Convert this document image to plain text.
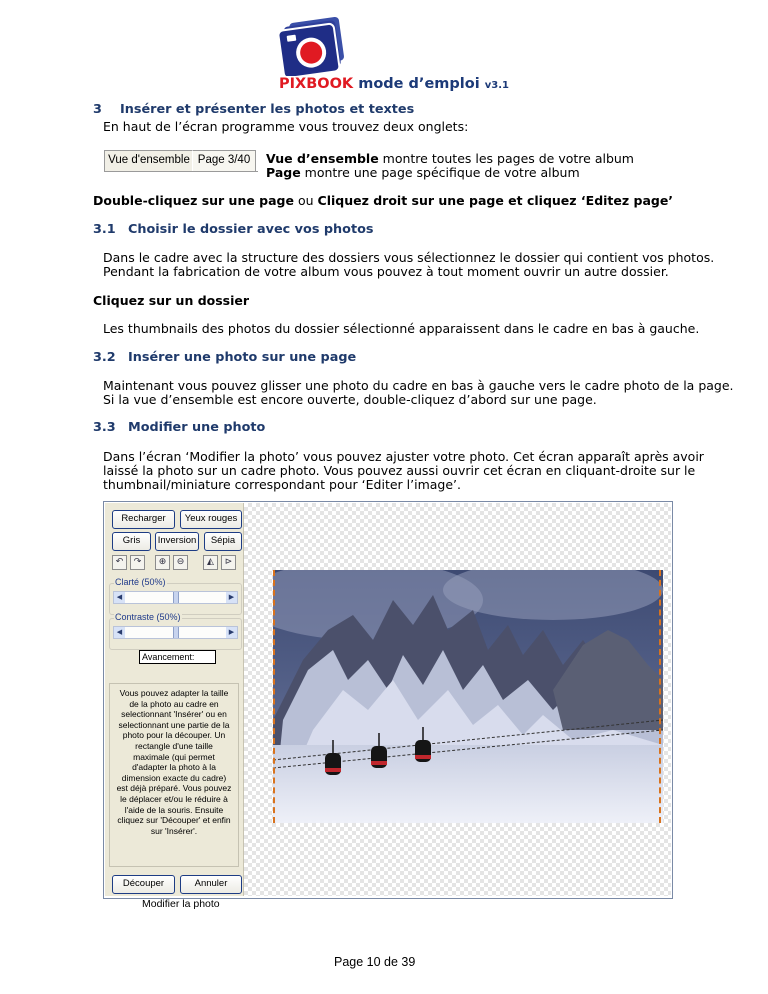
PIXBOOK mode d’emploi v3.1
3 Insérer et présenter les photos et textes
En haut de l’écran programme vous trouvez deux onglets:
Vue d'ensemble Page 3/40	Vue d’ensemble montre toutes les pages de votre album
Page montre une page spécifique de votre album
Double-cliquez sur une page ou Cliquez droit sur une page et cliquez ‘Editez page’
3.1 Choisir le dossier avec vos photos
Dans le cadre avec la structure des dossiers vous sélectionnez le dossier qui contient vos photos.
Pendant la fabrication de votre album vous pouvez à tout moment ouvrir un autre dossier.
Cliquez sur un dossier
Les thumbnails des photos du dossier sélectionné apparaissent dans le cadre en bas à gauche.
3.2 Insérer une photo sur une page
Maintenant vous pouvez glisser une photo du cadre en bas à gauche vers le cadre photo de la page.
Si la vue d’ensemble est encore ouverte, double-cliquez d’abord sur une page.
3.3 Modifier une photo
Dans l’écran ‘Modifier la photo’ vous pouvez ajuster votre photo. Cet écran apparaît après avoir
laissé la photo sur un cadre photo. Vous pouvez aussi ouvrir cet écran en cliquant-droite sur le
thumbnail/miniature correspondant pour ‘Editer l’image’.
Recharger	Yeux rouges
Gris	Inversion	Sépia
↶	↷	⊕	⊖	◭	⊳
Clarté (50%)
◀	▶
Contraste (50%)
◀	▶
Avancement:
Vous pouvez adapter la taille de la photo au cadre en selectionnant 'Insérer' ou en selectionnant une partie de la photo pour la découper. Un rectangle d'une taille maximale (qui permet d'adapter la photo à la dimension exacte du cadre) est déjà préparé. Vous pouvez le déplacer et/ou le réduire à l'aide de la souris. Ensuite cliquez sur 'Découper' et enfin sur 'Insérer'.
Découper	Annuler
Modifier la photo
Page 10 de 39
